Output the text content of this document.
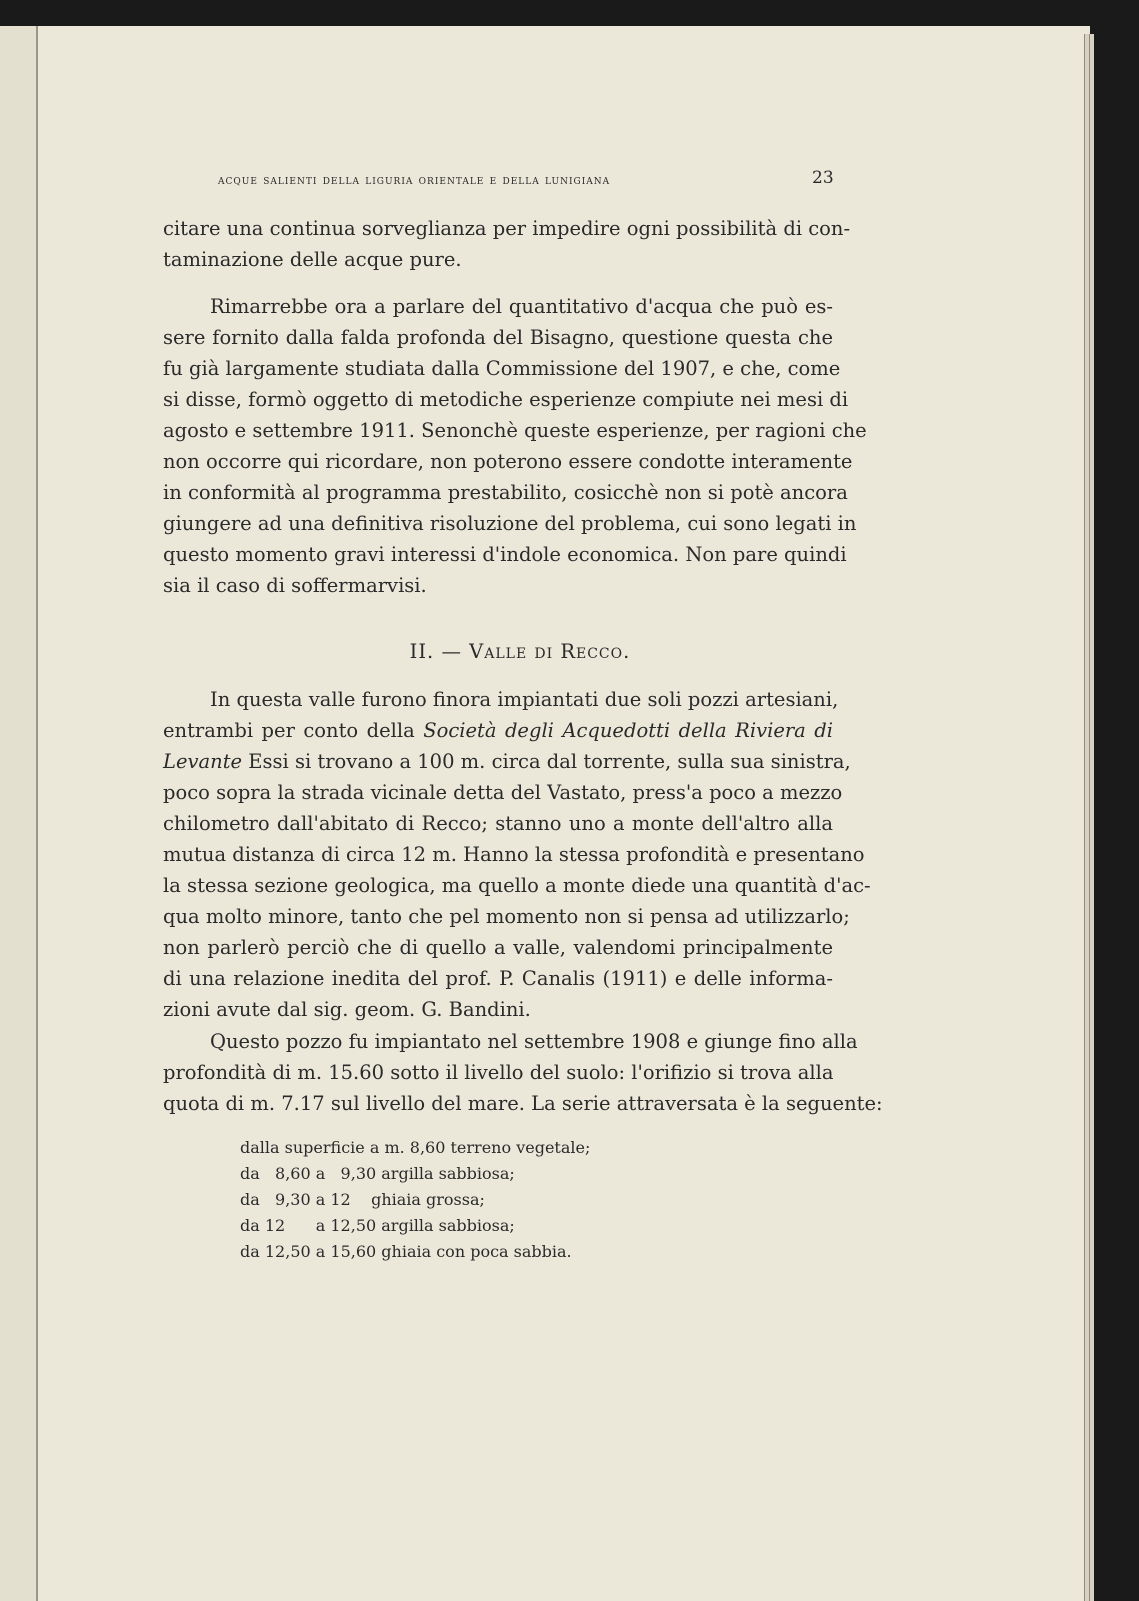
acque salienti della liguria orientale e della lunigiana	23
citare una continua sorveglianza per impedire ogni possibilità di con-
taminazione delle acque pure.
II. — Valle di Recco.
In questa valle furono finora impiantati due soli pozzi artesiani,
entrambi per conto della Società degli Acquedotti della Riviera di
Levante Essi si trovano a 100 m. circa dal torrente, sulla sua sinistra,
Rimarrebbe ora a parlare del quantitativo d'acqua che può es-
sere fornito dalla falda profonda del Bisagno, questione questa che
fu già largamente studiata dalla Commissione del 1907, e che, come
si disse, formò oggetto di metodiche esperienze compiute nei mesi di
agosto e settembre 1911. Senonchè queste esperienze, per ragioni che
non occorre qui ricordare, non poterono essere condotte interamente
in conformità al programma prestabilito, cosicchè non si potè ancora
giungere ad una definitiva risoluzione del problema, cui sono legati in
questo momento gravi interessi d'indole economica. Non pare quindi
sia il caso di soffermarvisi.
poco sopra la strada vicinale detta del Vastato, press'a poco a mezzo
chilometro dall'abitato di Recco; stanno uno a monte dell'altro alla
mutua distanza di circa 12 m. Hanno la stessa profondità e presentano
la stessa sezione geologica, ma quello a monte diede una quantità d'ac-
qua molto minore, tanto che pel momento non si pensa ad utilizzarlo;
non parlerò perciò che di quello a valle, valendomi principalmente
di una relazione inedita del prof. P. Canalis (1911) e delle informa-
zioni avute dal sig. geom. G. Bandini.
Questo pozzo fu impiantato nel settembre 1908 e giunge fino alla
profondità di m. 15.60 sotto il livello del suolo: l'orifizio si trova alla
quota di m. 7.17 sul livello del mare. La serie attraversata è la seguente:
dalla superficie a m. 8,60 terreno vegetale;
da   8,60 a   9,30 argilla sabbiosa;
da   9,30 a 12    ghiaia grossa;
da 12      a 12,50 argilla sabbiosa;
da 12,50 a 15,60 ghiaia con poca sabbia.
